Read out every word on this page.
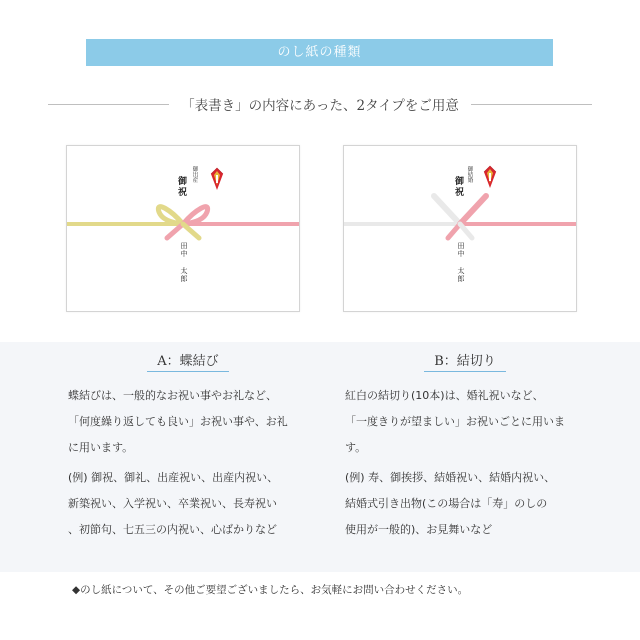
のし紙の種類
「表書き」の内容にあった、2タイプをご用意
御出産
御祝
田中
太郎
御結婚
御祝
田中
太郎
A：蝶結び

蝶結びは、一般的なお祝い事やお礼など、
「何度繰り返しても良い」お祝い事や、お礼
に用います。

(例) 御祝、御礼、出産祝い、出産内祝い、
新築祝い、入学祝い、卒業祝い、長寿祝い
、初節句、七五三の内祝い、心ばかりなど

B：結切り

紅白の結切り(10本)は、婚礼祝いなど、
「一度きりが望ましい」お祝いごとに用いま
す。

(例) 寿、御挨拶、結婚祝い、結婚内祝い、
結婚式引き出物(この場合は「寿」のしの
使用が一般的)、お見舞いなど

◆のし紙について、その他ご要望ございましたら、お気軽にお問い合わせください。
